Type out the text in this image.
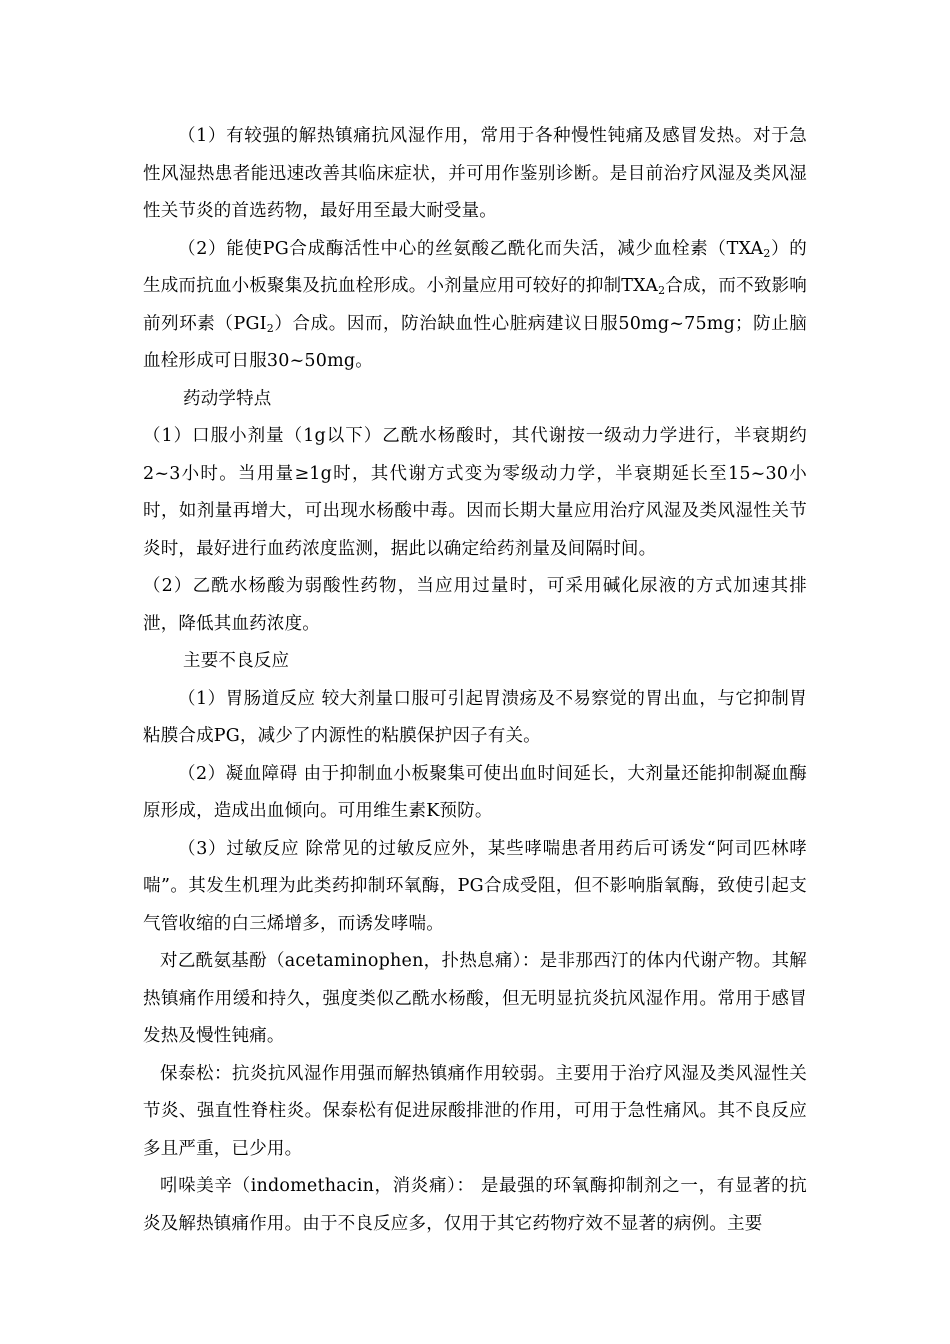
（1）有较强的解热镇痛抗风湿作用，常用于各种慢性钝痛及感冒发热。对于急性风湿热患者能迅速改善其临床症状，并可用作鉴别诊断。是目前治疗风湿及类风湿性关节炎的首选药物，最好用至最大耐受量。

（2）能使PG合成酶活性中心的丝氨酸乙酰化而失活，减少血栓素$(TXA_2)$的生成而抗血小板聚集及抗血栓形成。小剂量应用可较好的抑制$TXA_2$合成，而不致影响前列环素$(PGI_2)$合成。因而，防治缺血性心脏病建议日服50mg~75mg；防止脑血栓形成可日服30~50mg。

药动学特点

（1）口服小剂量（1g以下）乙酰水杨酸时，其代谢按一级动力学进行，半衰期约2~3小时。当用量≥1g时，其代谢方式变为零级动力学，半衰期延长至15~30小时，如剂量再增大，可出现水杨酸中毒。因而长期大量应用治疗风湿及类风湿性关节炎时，最好进行血药浓度监测，据此以确定给药剂量及间隔时间。

（2）乙酰水杨酸为弱酸性药物，当应用过量时，可采用碱化尿液的方式加速其排泄，降低其血药浓度。

主要不良反应

（1）胃肠道反应 较大剂量口服可引起胃溃疡及不易察觉的胃出血，与它抑制胃粘膜合成PG，减少了内源性的粘膜保护因子有关。

（2）凝血障碍 由于抑制血小板聚集可使出血时间延长，大剂量还能抑制凝血酶原形成，造成出血倾向。可用维生素K预防。

（3）过敏反应 除常见的过敏反应外，某些哮喘患者用药后可诱发“阿司匹林哮喘”。其发生机理为此类药抑制环氧酶，PG合成受阻，但不影响脂氧酶，致使引起支气管收缩的白三烯增多，而诱发哮喘。

对乙酰氨基酚（acetaminophen，扑热息痛）：是非那西汀的体内代谢产物。其解热镇痛作用缓和持久，强度类似乙酰水杨酸，但无明显抗炎抗风湿作用。常用于感冒发热及慢性钝痛。

保泰松：抗炎抗风湿作用强而解热镇痛作用较弱。主要用于治疗风湿及类风湿性关节炎、强直性脊柱炎。保泰松有促进尿酸排泄的作用，可用于急性痛风。其不良反应多且严重，已少用。

吲哚美辛（indomethacin，消炎痛）： 是最强的环氧酶抑制剂之一，有显著的抗炎及解热镇痛作用。由于不良反应多，仅用于其它药物疗效不显著的病例。主要
